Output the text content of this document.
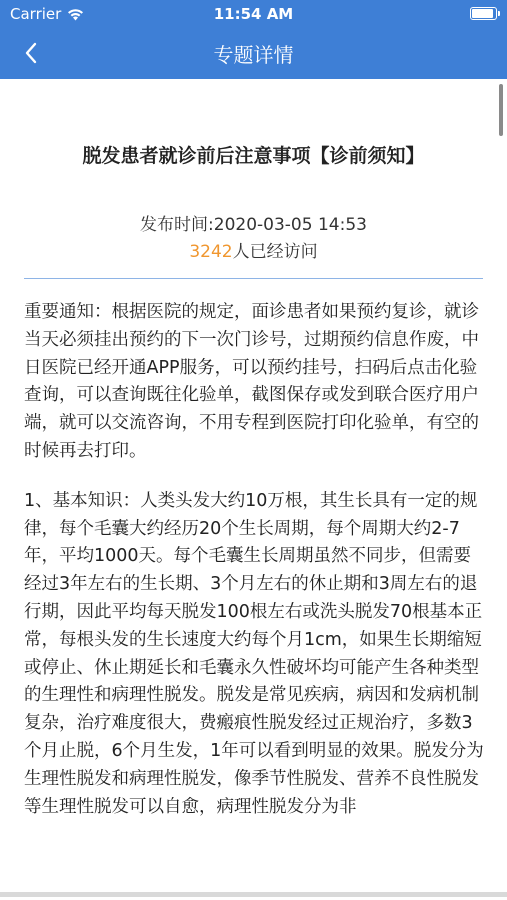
Carrier	11:54 AM
专题详情
脱发患者就诊前后注意事项【诊前须知】
发布时间:2020-03-05 14:53
3242人已经访问

重要通知：根据医院的规定，面诊患者如果预约复诊，就诊当天必须挂出预约的下一次门诊号，过期预约信息作废，中日医院已经开通APP服务，可以预约挂号，扫码后点击化验查询，可以查询既往化验单，截图保存或发到联合医疗用户端，就可以交流咨询，不用专程到医院打印化验单，有空的时候再去打印。

1、基本知识：人类头发大约10万根，其生长具有一定的规律，每个毛囊大约经历20个生长周期，每个周期大约2-7年，平均1000天。每个毛囊生长周期虽然不同步，但需要经过3年左右的生长期、3个月左右的休止期和3周左右的退行期，因此平均每天脱发100根左右或洗头脱发70根基本正常，每根头发的生长速度大约每个月1cm，如果生长期缩短或停止、休止期延长和毛囊永久性破坏均可能产生各种类型的生理性和病理性脱发。脱发是常见疾病，病因和发病机制复杂，治疗难度很大，费瘢痕性脱发经过正规治疗，多数3个月止脱，6个月生发，1年可以看到明显的效果。脱发分为生理性脱发和病理性脱发，像季节性脱发、营养不良性脱发等生理性脱发可以自愈，病理性脱发分为非
